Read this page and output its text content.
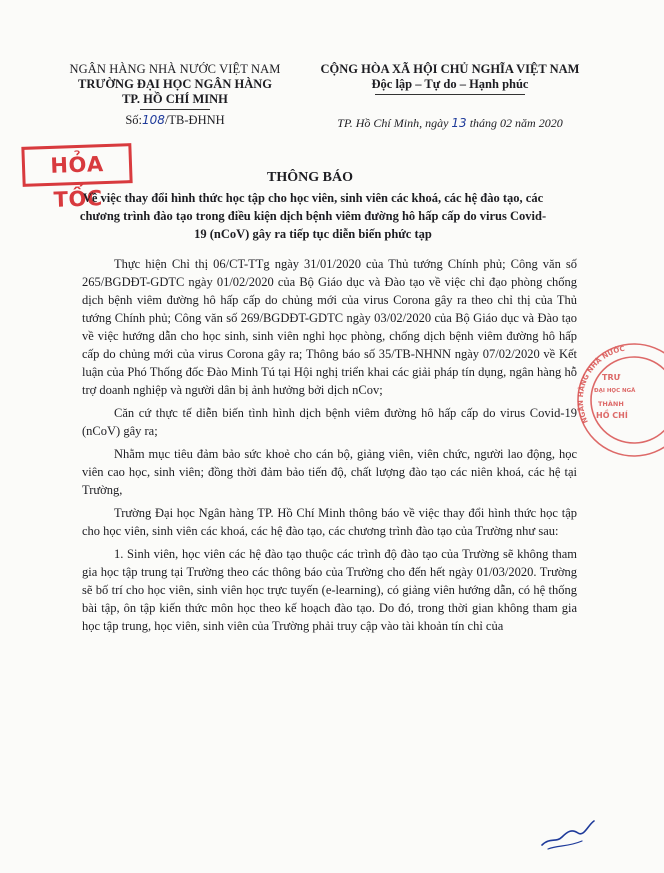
NGÂN HÀNG NHÀ NƯỚC VIỆT NAM
TRƯỜNG ĐẠI HỌC NGÂN HÀNG
TP. HỒ CHÍ MINH
Số:108/TB-ĐHNH
CỘNG HÒA XÃ HỘI CHỦ NGHĨA VIỆT NAM
Độc lập – Tự do – Hạnh phúc
TP. Hồ Chí Minh, ngày 13 tháng 02 năm 2020
HỎA TỐC
THÔNG BÁO
Về việc thay đổi hình thức học tập cho học viên, sinh viên các khoá, các hệ đào tạo, các chương trình đào tạo trong điều kiện dịch bệnh viêm đường hô hấp cấp do virus Covid-19 (nCoV) gây ra tiếp tục diễn biến phức tạp

Thực hiện Chỉ thị 06/CT-TTg ngày 31/01/2020 của Thủ tướng Chính phủ; Công văn số 265/BGDĐT-GDTC ngày 01/02/2020 của Bộ Giáo dục và Đào tạo về việc chỉ đạo phòng chống dịch bệnh viêm đường hô hấp cấp do chủng mới của virus Corona gây ra theo chỉ thị của Thủ tướng Chính phủ; Công văn số 269/BGDĐT-GDTC ngày 03/02/2020 của Bộ Giáo dục và Đào tạo về việc hướng dẫn cho học sinh, sinh viên nghỉ học phòng, chống dịch bệnh viêm đường hô hấp cấp do chủng mới của virus Corona gây ra; Thông báo số 35/TB-NHNN ngày 07/02/2020 về Kết luận của Phó Thống đốc Đào Minh Tú tại Hội nghị triển khai các giải pháp tín dụng, ngân hàng hỗ trợ doanh nghiệp và người dân bị ảnh hưởng bởi dịch nCov;

Căn cứ thực tế diễn biến tình hình dịch bệnh viêm đường hô hấp cấp do virus Covid-19 (nCoV) gây ra;

Nhằm mục tiêu đảm bảo sức khoẻ cho cán bộ, giảng viên, viên chức, người lao động, học viên cao học, sinh viên; đồng thời đảm bảo tiến độ, chất lượng đào tạo các niên khoá, các hệ tại Trường,

Trường Đại học Ngân hàng TP. Hồ Chí Minh thông báo về việc thay đổi hình thức học tập cho học viên, sinh viên các khoá, các hệ đào tạo, các chương trình đào tạo của Trường như sau:

1. Sinh viên, học viên các hệ đào tạo thuộc các trình độ đào tạo của Trường sẽ không tham gia học tập trung tại Trường theo các thông báo của Trường cho đến hết ngày 01/03/2020. Trường sẽ bố trí cho học viên, sinh viên học trực tuyến (e-learning), có giảng viên hướng dẫn, có hệ thống bài tập, ôn tập kiến thức môn học theo kế hoạch đào tạo. Do đó, trong thời gian không tham gia học tập trung, học viên, sinh viên của Trường phải truy cập vào tài khoản tín chỉ của

NGÂN HÀNG NHÀ NƯỚC
TRƯ
ĐẠI HỌC NGÂ
THÀNH
HỒ CHÍ
